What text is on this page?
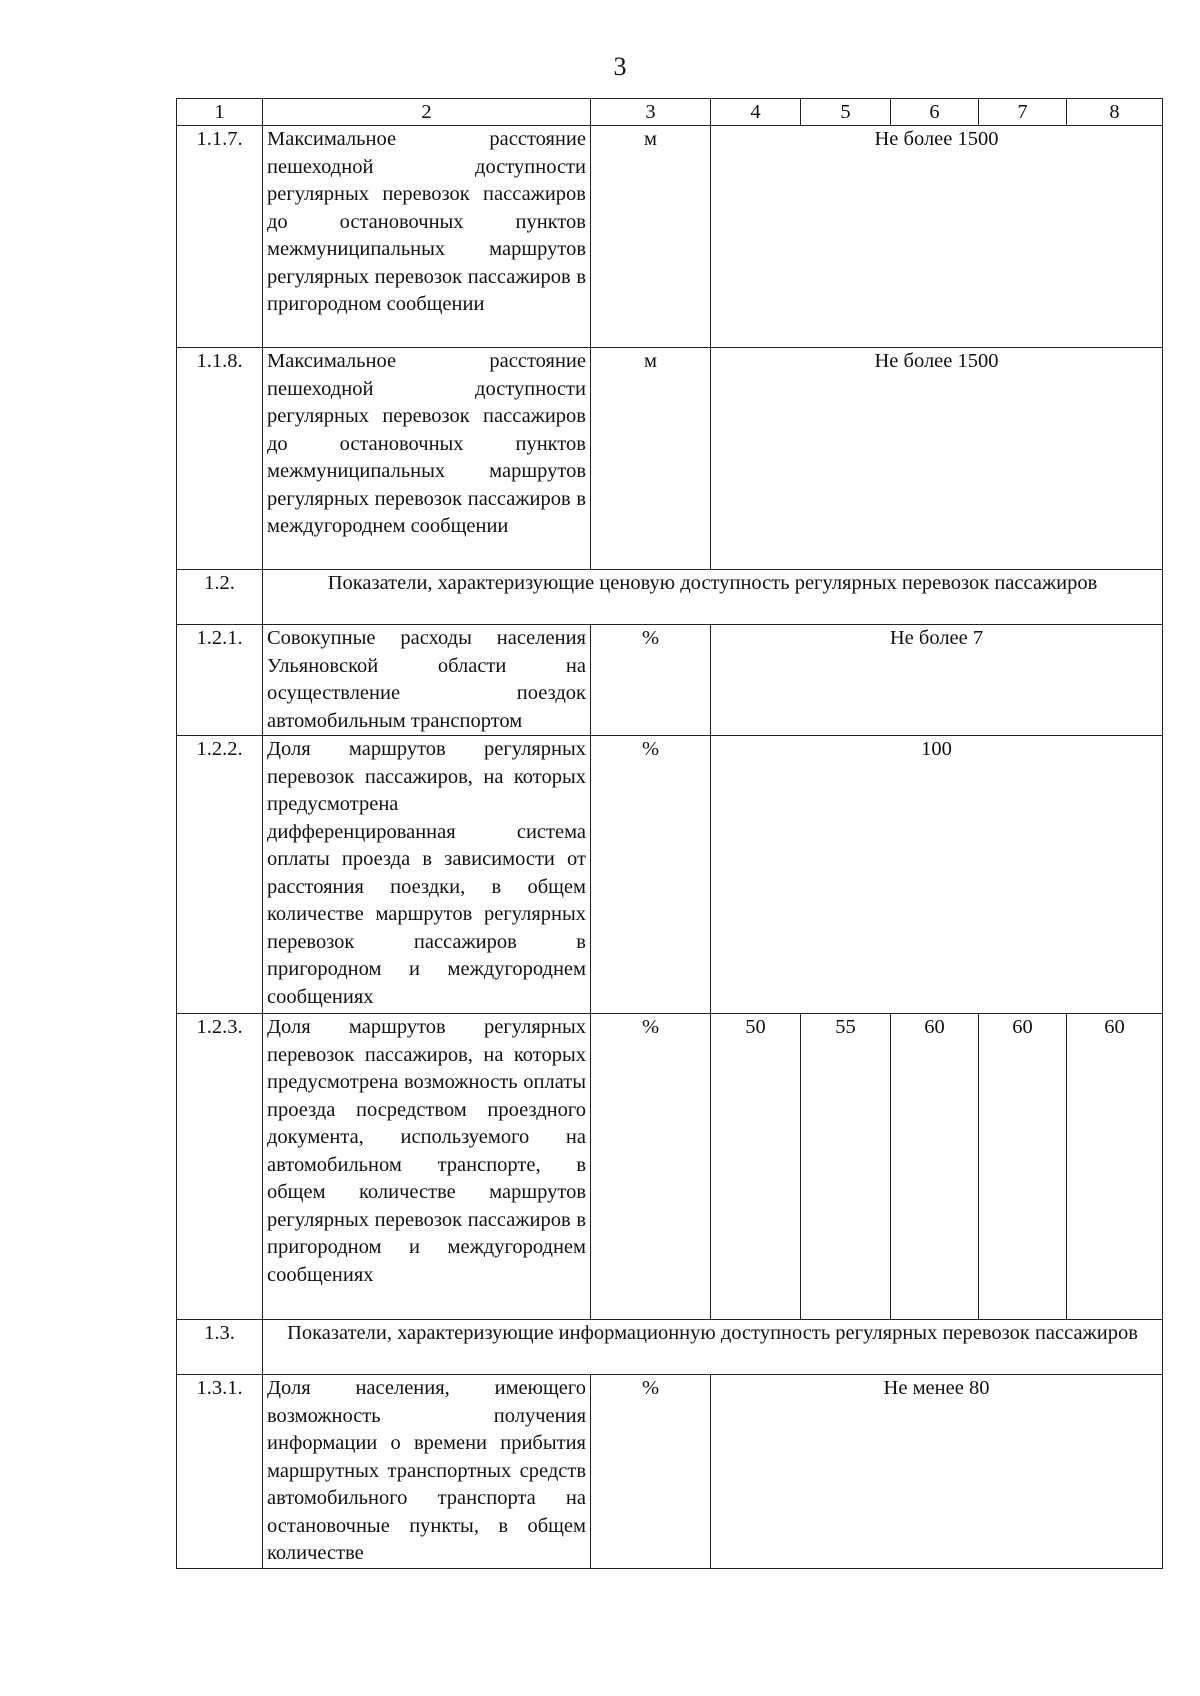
3
1	2	3	4	5	6	7	8
1.1.7.	Максимальное расстояние пешеходной доступности регулярных перевозок пассажиров до остановочных пунктов межмуниципальных маршрутов регулярных перевозок пассажиров в пригородном сообщении	м	Не более 1500				
1.1.8.	Максимальное расстояние пешеходной доступности регулярных перевозок пассажиров до остановочных пунктов межмуниципальных маршрутов регулярных перевозок пассажиров в междугороднем сообщении	м	Не более 1500				
1.2.	Показатели, характеризующие ценовую доступность регулярных перевозок пассажиров						
1.2.1.	Совокупные расходы населения Ульяновской области на осуществление поездок автомобильным транспортом	%	Не более 7				
1.2.2.	Доля маршрутов регулярных перевозок пассажиров, на которых предусмотрена дифференцированная система оплаты проезда в зависимости от расстояния поездки, в общем количестве маршрутов регулярных перевозок пассажиров в пригородном и междугороднем сообщениях	%	100				
1.2.3.	Доля маршрутов регулярных перевозок пассажиров, на которых предусмотрена возможность оплаты проезда посредством проездного документа, используемого на автомобильном транспорте, в общем количестве маршрутов регулярных перевозок пассажиров в пригородном и междугороднем сообщениях	%	50	55	60	60	60
1.3.	Показатели, характеризующие информационную доступность регулярных перевозок пассажиров						
1.3.1.	Доля населения, имеющего возможность получения информации о времени прибытия маршрутных транспортных средств автомобильного транспорта на остановочные пункты, в общем количестве	%	Не менее 80				
